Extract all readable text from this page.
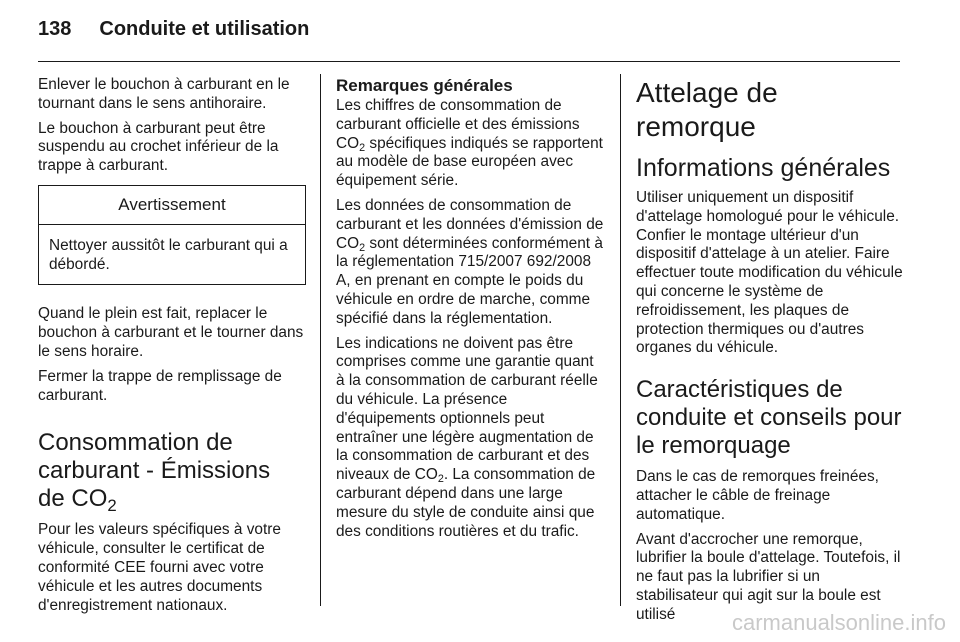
138 Conduite et utilisation

Enlever le bouchon à carburant en le tournant dans le sens antihoraire.

Le bouchon à carburant peut être suspendu au crochet inférieur de la trappe à carburant.

Avertissement
Nettoyer aussitôt le carburant qui a débordé.

Quand le plein est fait, replacer le bouchon à carburant et le tourner dans le sens horaire.

Fermer la trappe de remplissage de carburant.

Consommation de
carburant - Émissions
de $CO_2$

Pour les valeurs spécifiques à votre véhicule, consulter le certificat de conformité CEE fourni avec votre véhicule et les autres documents d'enregistrement nationaux.

Remarques générales

Les chiffres de consommation de carburant officielle et des émissions $CO_2$ spécifiques indiqués se rapportent au modèle de base européen avec équipement série.

Les données de consommation de carburant et les données d'émission de $CO_2$ sont déterminées conformément à la réglementation 715/2007 692/2008 A, en prenant en compte le poids du véhicule en ordre de marche, comme spécifié dans la réglementation.

Les indications ne doivent pas être comprises comme une garantie quant à la consommation de carburant réelle du véhicule. La présence d'équipements optionnels peut entraîner une légère augmentation de la consommation de carburant et des niveaux de $CO_2$. La consommation de carburant dépend dans une large mesure du style de conduite ainsi que des conditions routières et du trafic.

Attelage de remorque
Informations générales

Utiliser uniquement un dispositif d'attelage homologué pour le véhicule. Confier le montage ultérieur d'un dispositif d'attelage à un atelier. Faire effectuer toute modification du véhicule qui concerne le système de refroidissement, les plaques de protection thermiques ou d'autres organes du véhicule.

Caractéristiques de conduite et conseils pour le remorquage

Dans le cas de remorques freinées, attacher le câble de freinage automatique.

Avant d'accrocher une remorque, lubrifier la boule d'attelage. Toutefois, il ne faut pas la lubrifier si un stabilisateur qui agit sur la boule est utilisé	carmanualsonline.info
